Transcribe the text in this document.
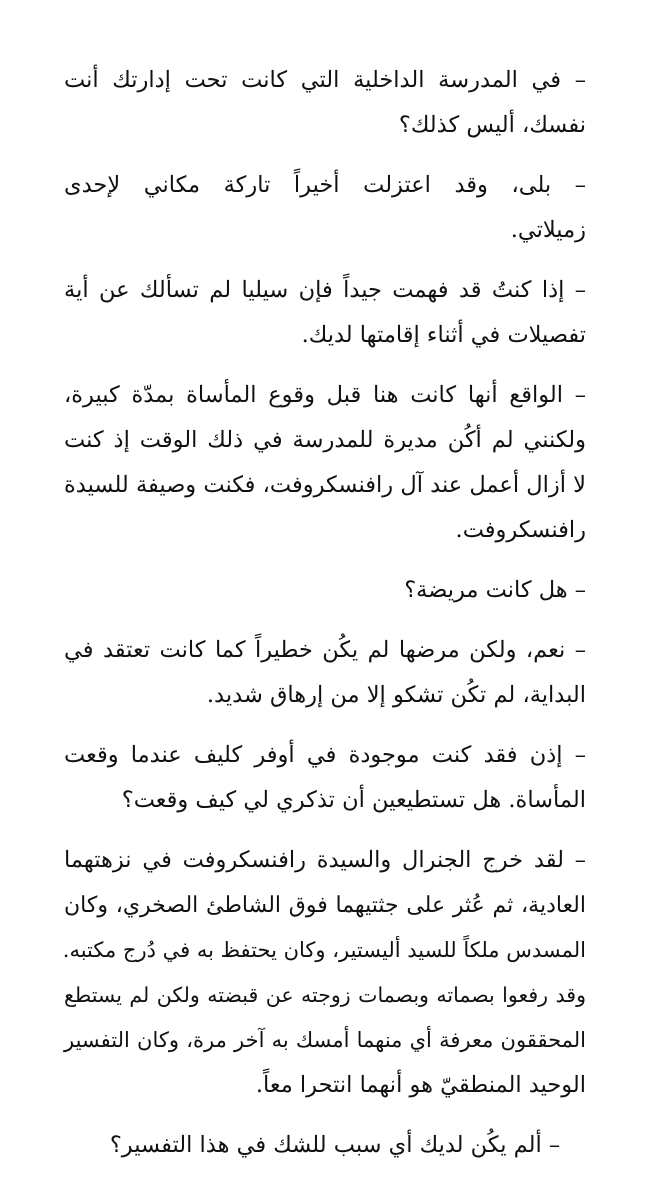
– في المدرسة الداخلية التي كانت تحت إدارتك أنت
نفسك، أليس كذلك؟
– بلى، وقد اعتزلت أخيراً تاركة مكاني لإحدى
زميلاتي.
– إذا كنتُ قد فهمت جيداً فإن سيليا لم تسألك عن أية
تفصيلات في أثناء إقامتها لديك.
– الواقع أنها كانت هنا قبل وقوع المأساة بمدّة كبيرة،
ولكنني لم أكُن مديرة للمدرسة في ذلك الوقت إذ كنت
لا أزال أعمل عند آل رافنسكروفت، فكنت وصيفة للسيدة
رافنسكروفت.
– هل كانت مريضة؟
– نعم، ولكن مرضها لم يكُن خطيراً كما كانت تعتقد في
البداية، لم تكُن تشكو إلا من إرهاق شديد.
– إذن فقد كنت موجودة في أوفر كليف عندما وقعت
المأساة. هل تستطيعين أن تذكري لي كيف وقعت؟
– لقد خرج الجنرال والسيدة رافنسكروفت في نزهتهما
العادية، ثم عُثر على جثتيهما فوق الشاطئ الصخري، وكان
المسدس ملكاً للسيد أليستير، وكان يحتفظ به في دُرج مكتبه.
وقد رفعوا بصماته وبصمات زوجته عن قبضته ولكن لم يستطع
المحققون معرفة أي منهما أمسك به آخر مرة، وكان التفسير
الوحيد المنطقيّ هو أنهما انتحرا معاً.
– ألم يكُن لديك أي سبب للشك في هذا التفسير؟
